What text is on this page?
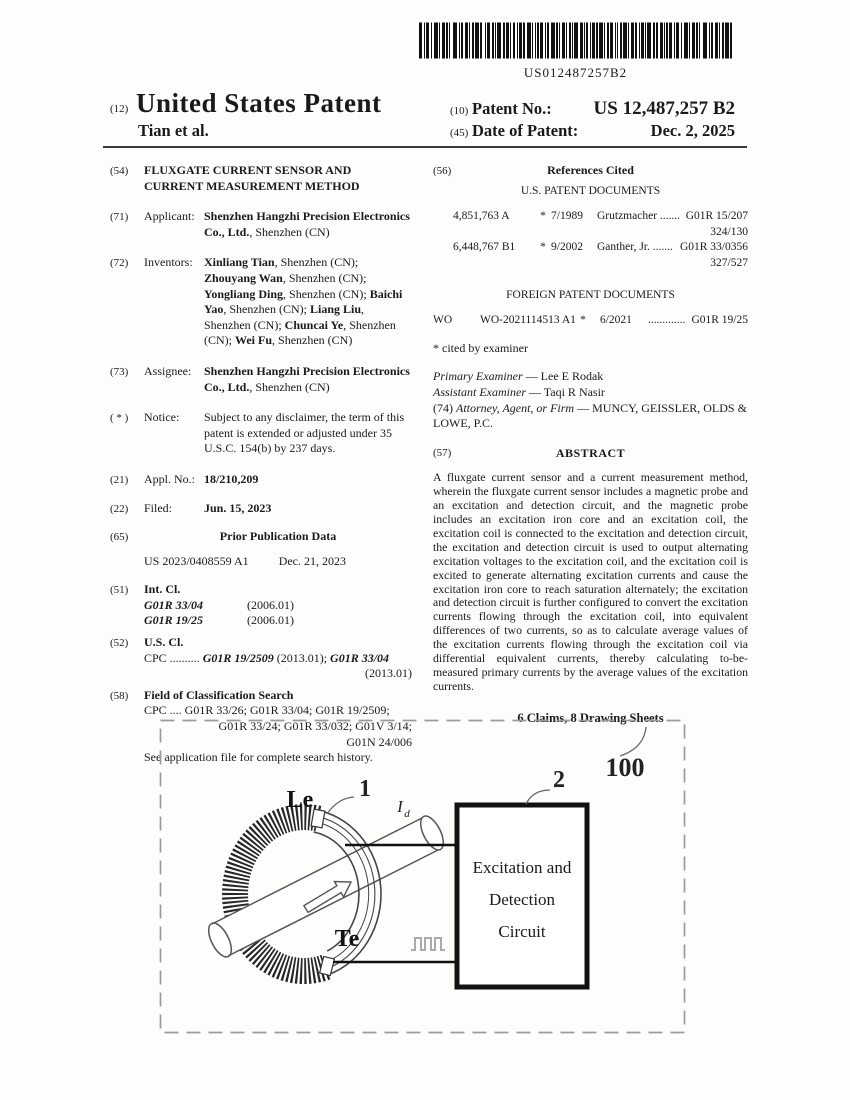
US012487257B2
(12) United States Patent
Tian et al.
(10) Patent No.:	US 12,487,257 B2
(45) Date of Patent:	Dec. 2, 2025
(54)	FLUXGATE CURRENT SENSOR AND CURRENT MEASUREMENT METHOD
(71)	Applicant: Shenzhen Hangzhi Precision Electronics Co., Ltd., Shenzhen (CN)
(72)	Inventors: Xinliang Tian, Shenzhen (CN); Zhouyang Wan, Shenzhen (CN); Yongliang Ding, Shenzhen (CN); Baichi Yao, Shenzhen (CN); Liang Liu, Shenzhen (CN); Chuncai Ye, Shenzhen (CN); Wei Fu, Shenzhen (CN)
(73)	Assignee:	Shenzhen Hangzhi Precision Electronics Co., Ltd., Shenzhen (CN)
( * )	Notice:	Subject to any disclaimer, the term of this patent is extended or adjusted under 35 U.S.C. 154(b) by 237 days.
(21)	Appl. No.: 18/210,209
(22)	Filed:	Jun. 15, 2023
(65)	Prior Publication Data
US 2023/0408559 A1	Dec. 21, 2023
(51)	Int. Cl.
G01R 33/04	(2006.01)
G01R 19/25	(2006.01)
(52)	U.S. Cl.
CPC .......... G01R 19/2509 (2013.01); G01R 33/04
(2013.01)
(58)	Field of Classification Search
CPC .... G01R 33/26; G01R 33/04; G01R 19/2509;
G01R 33/24; G01R 33/032; G01V 3/14;
G01N 24/006
See application file for complete search history.
(56)	References Cited
U.S. PATENT DOCUMENTS
4,851,763 A	* 7/1989	Grutzmacher ....... G01R 15/207
324/130
6,448,767 B1	* 9/2002	Ganther, Jr. ....... G01R 33/0356
327/527
FOREIGN PATENT DOCUMENTS
WO	WO-2021114513 A1 *	6/2021	............. G01R 19/25
* cited by examiner
Primary Examiner — Lee E Rodak
Assistant Examiner — Taqi R Nasir
(74) Attorney, Agent, or Firm — MUNCY, GEISSLER, OLDS & LOWE, P.C.
(57)	ABSTRACT
A fluxgate current sensor and a current measurement method, wherein the fluxgate current sensor includes a magnetic probe and an excitation and detection circuit, and the magnetic probe includes an excitation iron core and an excitation coil, the excitation coil is connected to the excitation and detection circuit, the excitation and detection circuit is used to output alternating excitation voltages to the excitation coil, and the excitation coil is excited to generate alternating excitation currents and cause the excitation iron core to reach saturation alternately; the excitation and detection circuit is further configured to convert the excitation currents flowing through the excitation coil, into equivalent differences of two currents, so as to calculate average values of the excitation currents flowing through the excitation coil via differential equivalent currents, thereby calculating to-be-measured primary currents by the average values of the excitation currents.
6 Claims, 8 Drawing Sheets
Excitation and
Detection
Circuit
Le
Te
1
I d
2 100
